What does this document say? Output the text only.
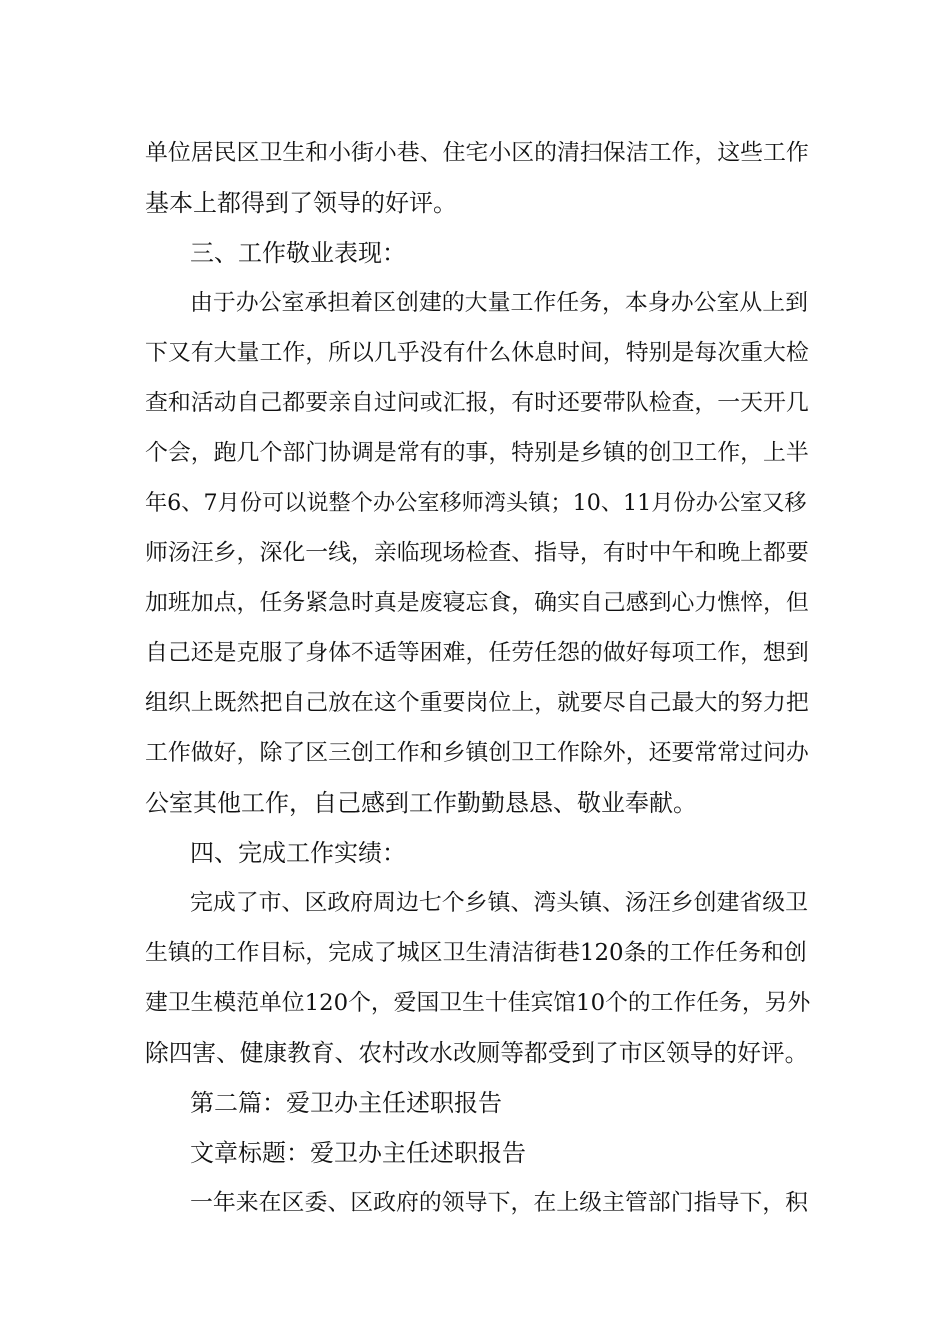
单位居民区卫生和小街小巷、住宅小区的清扫保洁工作，这些工作
基本上都得到了领导的好评。
三、工作敬业表现：
由于办公室承担着区创建的大量工作任务，本身办公室从上到
下又有大量工作，所以几乎没有什么休息时间，特别是每次重大检
查和活动自己都要亲自过问或汇报，有时还要带队检查，一天开几
个会，跑几个部门协调是常有的事，特别是乡镇的创卫工作，上半
年6、7月份可以说整个办公室移师湾头镇；10、11月份办公室又移
师汤汪乡，深化一线，亲临现场检查、指导，有时中午和晚上都要
加班加点，任务紧急时真是废寝忘食，确实自己感到心力憔悴，但
自己还是克服了身体不适等困难，任劳任怨的做好每项工作，想到
组织上既然把自己放在这个重要岗位上，就要尽自己最大的努力把
工作做好，除了区三创工作和乡镇创卫工作除外，还要常常过问办
公室其他工作，自己感到工作勤勤恳恳、敬业奉献。
四、完成工作实绩：
完成了市、区政府周边七个乡镇、湾头镇、汤汪乡创建省级卫
生镇的工作目标，完成了城区卫生清洁街巷120条的工作任务和创
建卫生模范单位120个，爱国卫生十佳宾馆10个的工作任务，另外
除四害、健康教育、农村改水改厕等都受到了市区领导的好评。
第二篇：爱卫办主任述职报告
文章标题：爱卫办主任述职报告
一年来在区委、区政府的领导下，在上级主管部门指导下，积
